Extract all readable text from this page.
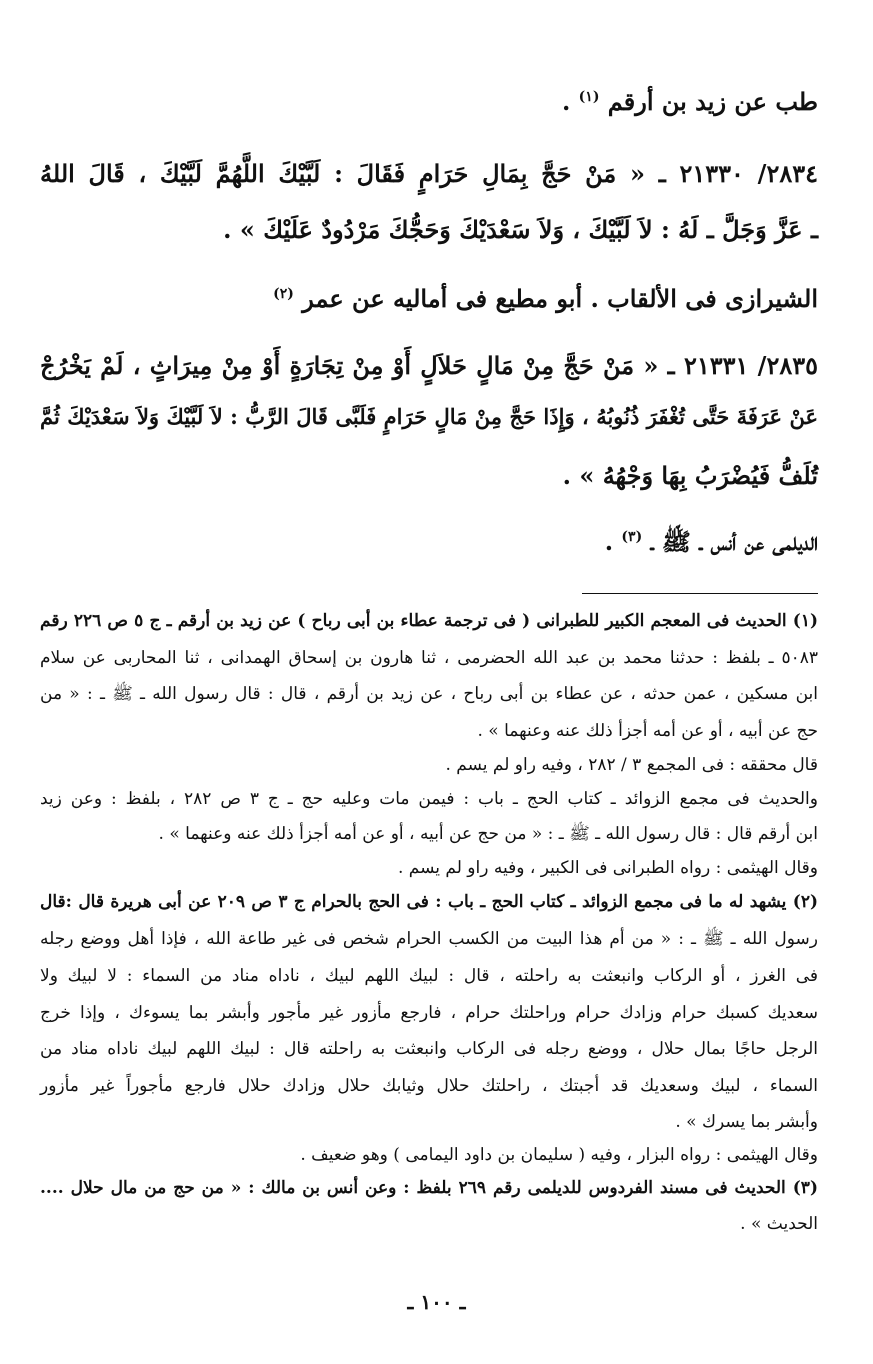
طب عن زيد بن أرقم $^{(١)}$ .
٢٨٣٤/ ٢١٣٣٠ ـ « مَنْ حَجَّ بِمَالِ حَرَامٍ فَقَالَ : لَبَّيْكَ اللَّهُمَّ لَبَّيْكَ ، قَالَ اللهُ
ـ عَزَّ وَجَلَّ ـ لَهُ : لاَ لَبَّيْكَ ، وَلاَ سَعْدَيْكَ وَحَجُّكَ مَرْدُودٌ عَلَيْكَ » .
الشيرازى فى الألقاب . أبو مطيع فى أماليه عن عمر $^{(٢)}$
٢٨٣٥/ ٢١٣٣١ ـ « مَنْ حَجَّ مِنْ مَالٍ حَلاَلٍ أَوْ مِنْ تِجَارَةٍ أَوْ مِنْ مِيرَاثٍ ، لَمْ يَخْرُجْ
عَنْ عَرَفَةَ حَتَّى تُغْفَرَ ذُنُوبُهُ ، وَإِذَا حَجَّ مِنْ مَالٍ حَرَامٍ فَلَبَّى قَالَ الرَّبُّ : لاَ لَبَّيْكَ وَلاَ سَعْدَيْكَ ثُمَّ
تُلَفُّ فَيُضْرَبُ بِهَا وَجْهُهُ » .
الديلمى عن أنس ـ ﷺ ـ $^{(٣)}$ .
(١) الحديث فى المعجم الكبير للطبرانى ( فى ترجمة عطاء بن أبى رباح ) عن زيد بن أرقم ـ ج ٥ ص ٢٢٦ رقم
٥٠٨٣ ـ بلفظ : حدثنا محمد بن عبد الله الحضرمى ، ثنا هارون بن إسحاق الهمدانى ، ثنا المحاربى عن سلام
ابن مسكين ، عمن حدثه ، عن عطاء بن أبى رباح ، عن زيد بن أرقم ، قال : قال رسول الله ـ ﷺ ـ : « من
حج عن أبيه ، أو عن أمه أجزأ ذلك عنه وعنهما » .
قال محققه : فى المجمع ٣ / ٢٨٢ ، وفيه راو لم يسم .
والحديث فى مجمع الزوائد ـ كتاب الحج ـ باب : فيمن مات وعليه حج ـ ج ٣ ص ٢٨٢ ، بلفظ : وعن زيد
ابن أرقم قال : قال رسول الله ـ ﷺ ـ : « من حج عن أبيه ، أو عن أمه أجزأ ذلك عنه وعنهما » .
وقال الهيثمى : رواه الطبرانى فى الكبير ، وفيه راو لم يسم .
(٢) يشهد له ما فى مجمع الزوائد ـ كتاب الحج ـ باب : فى الحج بالحرام ج ٣ ص ٢٠٩ عن أبى هريرة قال :قال
رسول الله ـ ﷺ ـ : « من أم هذا البيت من الكسب الحرام شخص فى غير طاعة الله ، فإذا أهل ووضع رجله
فى الغرز ، أو الركاب وانبعثت به راحلته ، قال : لبيك اللهم لبيك ، ناداه مناد من السماء : لا لبيك ولا
سعديك كسبك حرام وزادك حرام وراحلتك حرام ، فارجع مأزور غير مأجور وأبشر بما يسوءك ، وإذا خرج
الرجل حاجًا بمال حلال ، ووضع رجله فى الركاب وانبعثت به راحلته قال : لبيك اللهم لبيك ناداه مناد من
السماء ، لبيك وسعديك قد أجبتك ، راحلتك حلال وثيابك حلال وزادك حلال فارجع مأجوراً غير مأزور
وأبشر بما يسرك » .
وقال الهيثمى : رواه البزار ، وفيه ( سليمان بن داود اليمامى ) وهو ضعيف .
(٣) الحديث فى مسند الفردوس للديلمى رقم ٢٦٩ بلفظ : وعن أنس بن مالك : « من حج من مال حلال ....
الحديث » .
ـ ١٠٠ ـ
